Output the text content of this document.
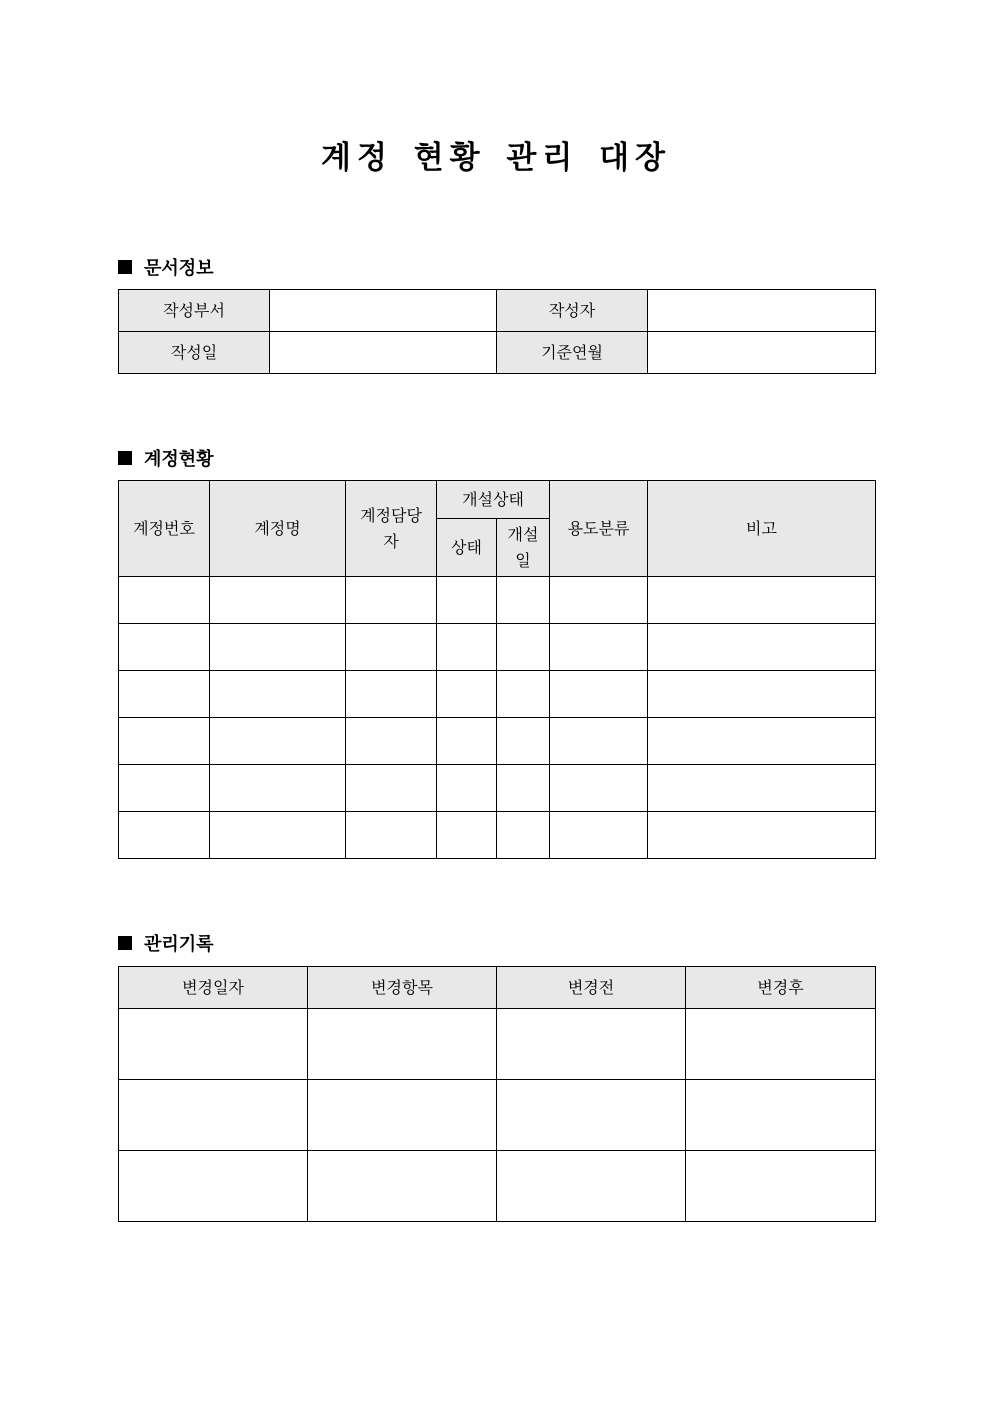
계정 현황 관리 대장
문서정보
작성부서		작성자	
작성일		기준연월	
계정현황
계정번호	계정명	계정담당자	개설상태		용도분류	비고
			상태	개설일		

관리기록
변경일자	변경항목	변경전	변경후
